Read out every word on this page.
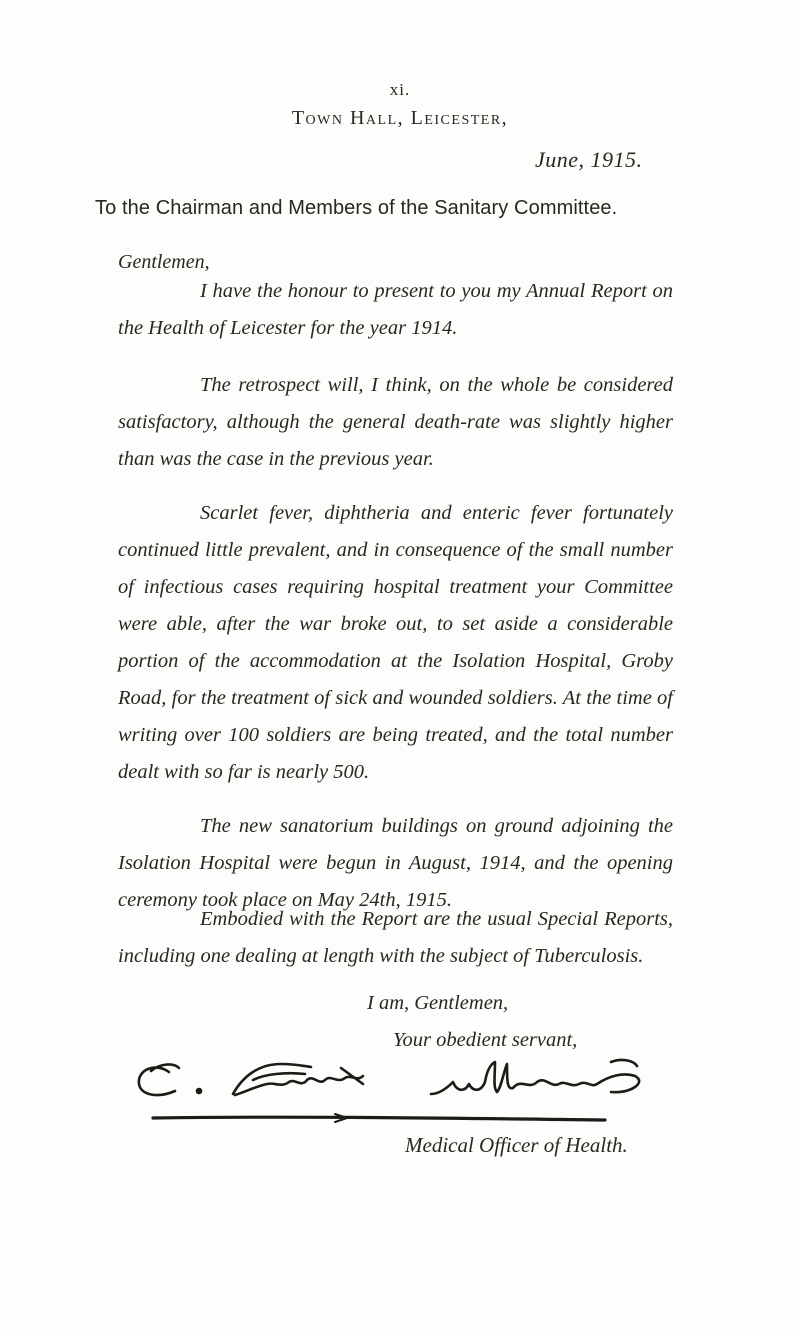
xi.
Town Hall, Leicester,
June, 1915.
To the Chairman and Members of the Sanitary Committee.
Gentlemen,

I have the honour to present to you my Annual Report on the Health of Leicester for the year 1914.

The retrospect will, I think, on the whole be considered satisfactory, although the general death-rate was slightly higher than was the case in the previous year.

Scarlet fever, diphtheria and enteric fever fortunately continued little prevalent, and in consequence of the small number of infectious cases requiring hospital treatment your Committee were able, after the war broke out, to set aside a considerable portion of the accommodation at the Isolation Hospital, Groby Road, for the treatment of sick and wounded soldiers. At the time of writing over 100 soldiers are being treated, and the total number dealt with so far is nearly 500.

The new sanatorium buildings on ground adjoining the Isolation Hospital were begun in August, 1914, and the opening ceremony took place on May 24th, 1915.

Embodied with the Report are the usual Special Reports, including one dealing at length with the subject of Tuberculosis.

I am, Gentlemen,
Your obedient servant,
Medical Officer of Health.
